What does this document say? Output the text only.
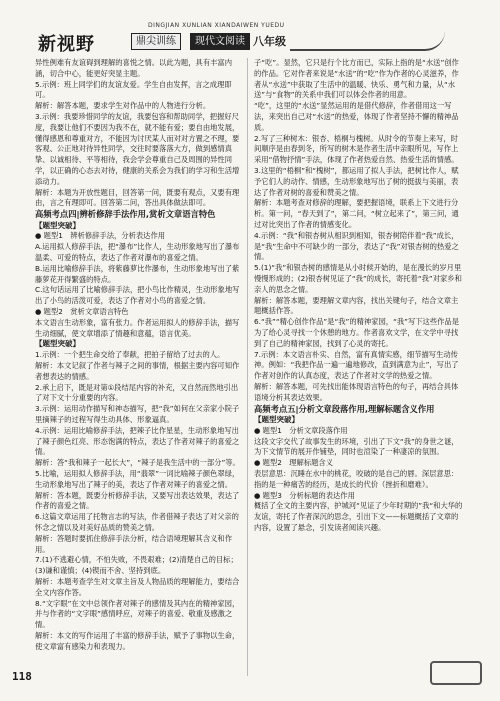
新视野
DINGJIAN XUNLIAN XIANDAIWEN YUEDU
鼎尖训练	现代文阅读 八年级

异性例难有友谊碍到理解的喜悦之情。以此为题，具有丰富内涵，切合中心，能更好突显主题。

5.示例：班上同学们的友谊友爱。学生自由发挥，言之成理即可。

解析：解答本题，要求学生对作品中的人物进行分析。

3.示例：我要珍惜同学的友谊，我要包容和帮助同学，把握好尺度，我要让他们不要因为我不在，就不能有爱；要自由地发展，懂得感恩和尊重对方，不能因为讨厌某人而对对方置之不理，要客观、公正地对待异性同学，交往时要落落大方，做到感情真挚、以诚相待、平等相待，我会学会尊重自己及周围的异性同学，以正确的心态去对待，健康的关系会为我们的学习和生活增添动力。

解析：本题为开放性题目，回答第一问，既要有观点，又要有理由，言之有理即可。回答第二问，答出具体做法即可。

高频考点四|辨析修辞手法作用,赏析文章语言特色

【题型突破】

● 题型1　辨析修辞手法，分析表达作用

A.运用拟人修辞手法，把“瀑布”比作人，生动形象地写出了瀑布温柔、可爱的特点，表达了作者对瀑布的喜爱之情。

B.运用比喻修辞手法，将紫藤萝比作瀑布，生动形象地写出了紫藤萝花开得繁盛的特点。

C.这句话运用了比喻修辞手法，把小鸟比作精灵，生动形象地写出了小鸟的活泼可爱，表达了作者对小鸟的喜爱之情。

● 题型2　赏析文章语言特色

本文语言生动形象，富有张力。作者运用拟人的修辞手法，描写生动细腻，使文章增添了情趣和意蕴，语言优美。

【题型突破】

1.示例：一个把生命交给了奉献，把拍子留给了过去的人。

解析：本文记叙了作者与辣子之间的事情，根据主要内容可知作者想表达的情感。

2.承上启下，既是对第①段结尾内容的补充，又自然而然地引出了对下文十分重要的内容。

3.示例：运用动作描写和神态描写，把“我”如何在父亲家小院子里摘辣子的过程写得生动具体、形象逼真。

4.示例：运用比喻修辞手法，把辣子比作星星，生动形象地写出了辣子颜色红亮、形态饱满的特点，表达了作者对辣子的喜爱之情。

解析：答“我和辣子一起长大”，“辣子是我生活中的一部分”等。

5.比喻，运用拟人修辞手法，用“翡翠”一词比喻辣子颜色翠绿，生动形象地写出了辣子的美，表达了作者对辣子的喜爱之情。

解析：答本题，既要分析修辞手法，又要写出表达效果，表达了作者的喜爱之情。

6.这篇文章运用了托物言志的写法，作者借辣子表达了对父亲的怀念之情以及对美好品质的赞美之情。

解析：答题时要抓住修辞手法分析，结合语境理解其含义和作用。

7.(1)不逃避心情，不怕失败，不畏艰难；(2)清楚自己的目标；(3)谦和谨慎；(4)锲而不舍、坚持到底。

解析：本题考查学生对文章主旨及人物品质的理解能力，要结合全文内容作答。

8.“文字眼”在文中总领作者对辣子的感情及其内在的精神家园，并与作者的“文字眼”感情呼应，对辣子的喜爱、敬重及感激之情。

解析：本文的写作运用了丰富的修辞手法，赋予了事物以生命，使文章富有感染力和表现力。

子“吃”。显然，它只是行个比方而已，实际上指的是“水送”创作的作品。它对作者来说是“水送”的“吃”作为作者的心灵滋养，作者从“水送”中获取了生活中的温暖、快乐、勇气和力量，从“水送”与“食物”的关系中我们可以体会作者的用意。

“吃”，这里的“水送”显然运用的是借代修辞，作者借用这一写法，来突出自己对“水送”的热爱，体现了作者坚持不懈的精神品质。

2.写了三种树木：银杏、梧桐与槐树。从时令的节奏上来写，时间顺序是由春到冬，所写的树木是作者生活中亲眼所见，写作上采用“借物抒情”手法，体现了作者热爱自然、热爱生活的情感。

3.这里的“梧桐”和“槐树”，都运用了拟人手法，把树比作人，赋予它们人的动作、情感，生动形象地写出了树的挺拔与美丽，表达了作者对树的喜爱和赞美之情。

解析：本题考查对修辞的理解，要把握语境，联系上下文进行分析。第一问，“春天到了”，第二问，“树立起来了”，第三问，通过对比突出了作者的情感变化。

4.示例：“我”和银杏树从相识到相知，银杏树陪伴着“我”成长，是“我”生命中不可缺少的一部分，表达了“我”对银杏树的热爱之情。

5.(1)“我”和银杏树的感情是从小时候开始的，是在漫长的岁月里慢慢形成的；(2)银杏树见证了“我”的成长，寄托着“我”对家乡和亲人的思念之情。

解析：解答本题，要理解文章内容，找出关键句子，结合文章主题概括作答。

6.“我”“精心创作作品”是“我”的精神家园，“我”写下这些作品是为了给心灵寻找一个休憩的地方。作者喜欢文学，在文学中寻找到了自己的精神家园，找到了心灵的寄托。

7.示例：本文语言朴实、自然，富有真情实感，细节描写生动传神。例如：“我把作品一遍一遍地修改，直到满意为止”，写出了作者对创作的认真态度，表达了作者对文学的热爱之情。

解析：解答本题，可先找出能体现语言特色的句子，再结合具体语境分析其表达效果。

高频考点五|分析文章段落作用,理解标题含义作用

【题型突破】

● 题型1　分析文章段落作用

这段文字交代了故事发生的环境，引出了下文“我”的身世之谜，为下文情节的展开作铺垫，同时也渲染了一种凄凉的氛围。

● 题型2　理解标题含义

表层意思：沉睡在水中的桃花，咬破的是自己的唇。深层意思：指的是一种痛苦的经历，是成长的代价（挫折和磨难）。

● 题型3　分析标题的表达作用

概括了全文的主要内容，护城河“见证了少年时期的”我“和大华的友谊，寄托了作者深沉的思念，引出下文——标题概括了文章的内容，设置了悬念，引发读者阅读兴趣。

118
